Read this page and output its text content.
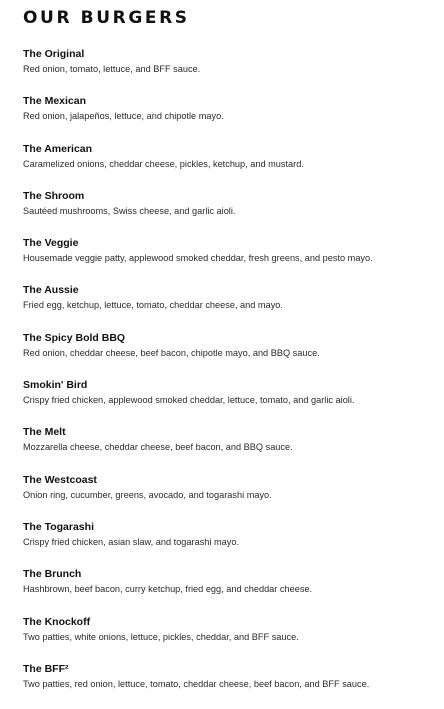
OUR BURGERS
The Original
Red onion, tomato, lettuce, and BFF sauce.
The Mexican
Red onion, jalapeños, lettuce, and chipotle mayo.
The American
Caramelized onions, cheddar cheese, pickles, ketchup, and mustard.
The Shroom
Sautéed mushrooms, Swiss cheese, and garlic aioli.
The Veggie
Housemade veggie patty, applewood smoked cheddar, fresh greens, and pesto mayo.
The Aussie
Fried egg, ketchup, lettuce, tomato, cheddar cheese, and mayo.
The Spicy Bold BBQ
Red onion, cheddar cheese, beef bacon, chipotle mayo, and BBQ sauce.
Smokin' Bird
Crispy fried chicken, applewood smoked cheddar, lettuce, tomato, and garlic aioli.
The Melt
Mozzarella cheese, cheddar cheese, beef bacon, and BBQ sauce.
The Westcoast
Onion ring, cucumber, greens, avocado, and togarashi mayo.
The Togarashi
Crispy fried chicken, asian slaw, and togarashi mayo.
The Brunch
Hashbrown, beef bacon, curry ketchup, fried egg, and cheddar cheese.
The Knockoff
Two patties, white onions, lettuce, pickles, cheddar, and BFF sauce.
The BFF²
Two patties, red onion, lettuce, tomato, cheddar cheese, beef bacon, and BFF sauce.
